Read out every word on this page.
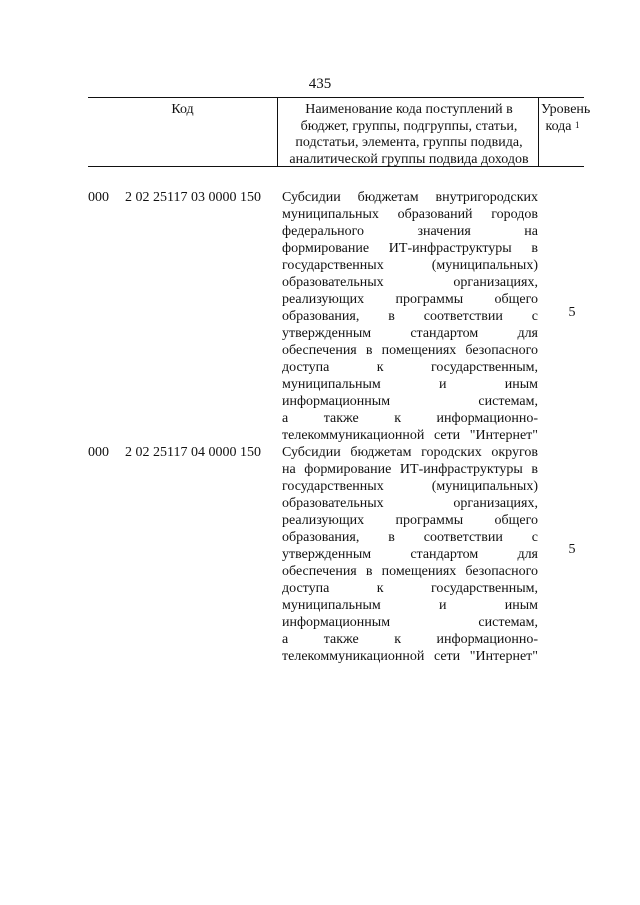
435
Код	Наименование кода поступлений в
бюджет, группы, подгруппы, статьи,
подстатьи, элемента, группы подвида,
аналитической группы подвида доходов
Уровень
кода $^1$
000 2 02 25117 03 0000 150 Субсидии бюджетам внутригородских
муниципальных образований городов
федерального значения на
формирование ИТ-инфраструктуры в
государственных (муниципальных)
образовательных организациях,
реализующих программы общего
образования, в соответствии с
утвержденным стандартом для
обеспечения в помещениях безопасного
доступа к государственным,
муниципальным и иным
информационным системам,
а также к информационно-
телекоммуникационной сети "Интернет"
5
000 2 02 25117 04 0000 150 Субсидии бюджетам городских округов
на формирование ИТ-инфраструктуры в
государственных (муниципальных)
образовательных организациях,
реализующих программы общего
образования, в соответствии с
утвержденным стандартом для
обеспечения в помещениях безопасного
доступа к государственным,
муниципальным и иным
информационным системам,
а также к информационно-
телекоммуникационной сети "Интернет"
5
